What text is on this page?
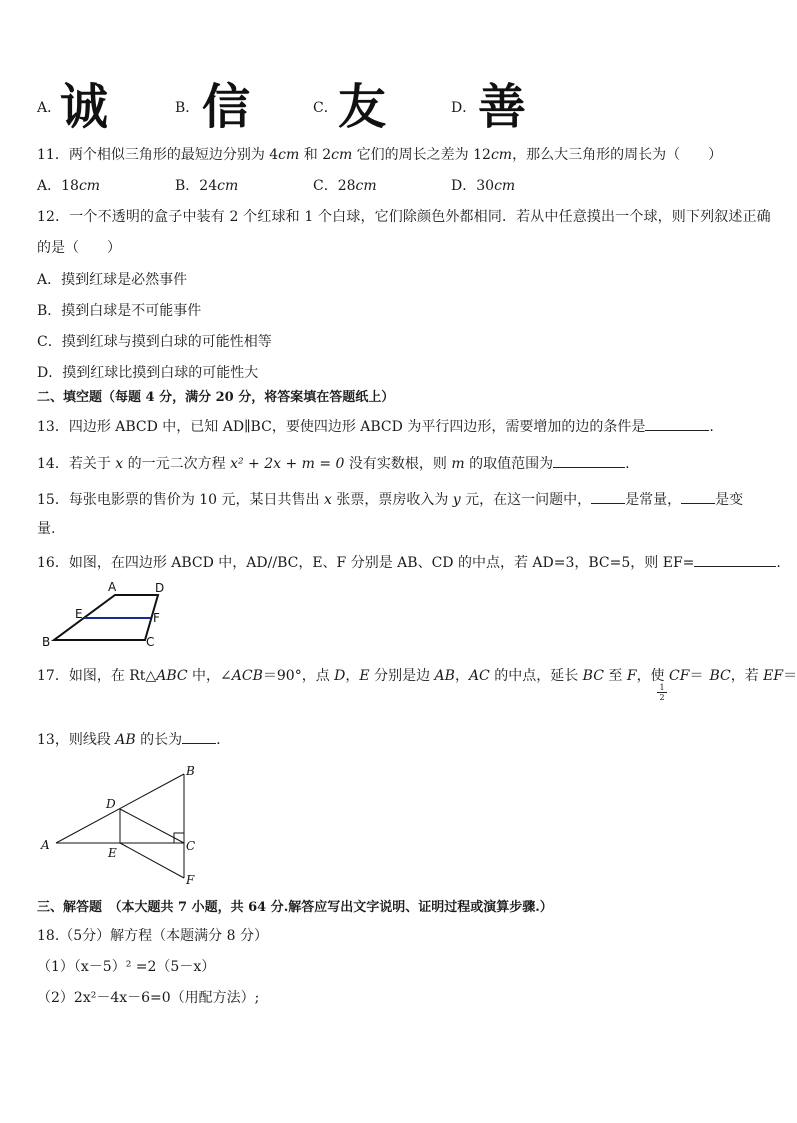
A．
诚	B． 信	C． 友	D． 善
11．两个相似三角形的最短边分别为 4cm 和 2cm 它们的周长之差为 12cm，那么大三角形的周长为（　　）
A．18cm	B．24cm	C．28cm	D．30cm
12．一个不透明的盒子中装有 2 个红球和 1 个白球，它们除颜色外都相同．若从中任意摸出一个球，则下列叙述正确
的是（　　）
A．摸到红球是必然事件
B．摸到白球是不可能事件
C．摸到红球与摸到白球的可能性相等
D．摸到红球比摸到白球的可能性大
二、填空题（每题 4 分，满分 20 分，将答案填在答题纸上）
13．四边形 ABCD 中，已知 AD∥BC，要使四边形 ABCD 为平行四边形，需要增加的边的条件是	.
14．若关于 x 的一元二次方程 x² + 2x + m = 0 没有实数根，则 m 的取值范围为	.
15．每张电影票的售价为 10 元，某日共售出 x 张票，票房收入为 y 元，在这一问题中， 是常量， 是变
量.
16．如图，在四边形 ABCD 中，AD//BC，E、F 分别是 AB、CD 的中点，若 AD=3，BC=5，则 EF=	.
A	D
E	F
B	C
17．如图，在 Rt△ABC 中，∠ACB＝90°，点 D，E 分别是边 AB，AC 的中点，延长 BC 至 F，使 CF＝ BC，若 EF＝
$\frac{1}{2}$
13，则线段 AB 的长为 .
A
B
D
E	C
F
三、解答题　（本大题共 7 小题，共 64 分.解答应写出文字说明、证明过程或演算步骤.）
18.（5分）解方程（本题满分 8 分）
（1）（x－5）² =2（5－x）
（2）2x²－4x－6=0（用配方法）;
